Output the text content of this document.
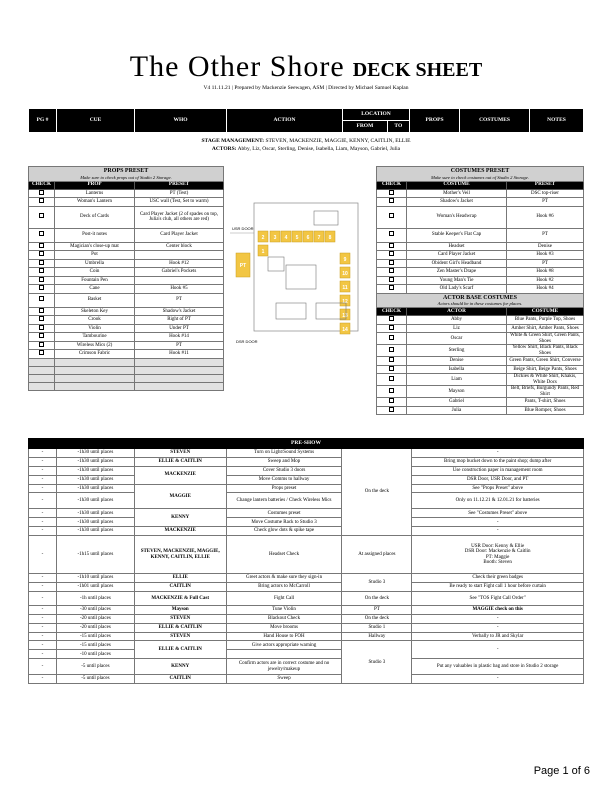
The Other Shore DECK SHEET
V4 11.11.21 | Prepared by Mackenzie Seewagen, ASM | Directed by Michael Samuel Kaplan
PG #	CUE	WHO	ACTION	LOCATION		PROPS	COSTUMES	NOTES
				FROM	TO			
STAGE MANAGEMENT: STEVEN, MACKENZIE, MAGGIE, KENNY, CAITLIN, ELLIE
ACTORS: Abby, Liz, Oscar, Sterling, Denise, Isabella, Liam, Mayson, Gabriel, Julia
PROPS PRESET
Make sure to check props out of Studio 2 Storage.		

CHECK	PROP	PRESET
	Lanterns	PT (Test)
	Woman's Lantern	USC wall (Test, Set to warm)
	Deck of Cards	Card Player Jacket (2 of spades on top, Julia's club, all others are red)
	Post-it notes	Card Player Jacket
	Magician's close-up mat	Center block
	Pot	
	Umbrella	Hook #12
	Coin	Gabriel's Pockets
	Fountain Pen	
	Cane	Hook #5
	Basket	PT
	Skeleton Key	Shadow's Jacket
	Crook	Right of PT
	Violin	Under PT
	Tambourine	Hook #14
	Wireless Mics (2)	PT
	Crimson Fabric	Hook #11

COSTUMES PRESET
Make sure to check costumes out of Studio 2 Storage.		

CHECK	COSTUME	PRESET
	Mother's Veil	DSC top-riser
	Shadow's Jacket	PT
	Woman's Headwrap	Hook #6
	Stable Keeper's Flat Cap	PT
	Headset	Denise
	Card Player Jacket	Hook #3
	Obident Girl's Headband	PT
	Zen Master's Drape	Hook #8
	Young Man's Tie	Hook #2
	Old Lady's Scarf	Hook #4

ACTOR BASE COSTUMES
Actors should be in these costumes for places.		

CHECK	ACTOR	COSTUME
	Abby	Blue Pants, Purple Top, Shoes
	Liz	Amber Shirt, Amber Pants, Shoes
	Oscar	White & Green Shirt, Green Pants, Shoes
	Sterling	Yellow Shirt, Black Pants, Black Shoes
	Denise	Green Pants, Green Shirt, Converse
	Isabella	Beige Shirt, Beige Pants, Shoes
	Liam	Dickies & White Shirt, Khakis, White Docs
	Mayson	Belt, Briefs, Burgundy Pants, Red Shirt
	Gabriel	Pants, T-shirt, Shoes
	Julia	Blue Romper, Shoes
USR DOOR
DSR DOOR
PT
1
2 3 4 5 6 7 8
9
10
11
12
13
14
PRE-SHOW					
-	-1h30 until places	STEVEN	Turn on Light/Sound Systems	On the deck	-
-	-1h30 until places	ELLIE & CAITLIN	Sweep and Mop		Bring mop bucket down to the paint shop; dump after
-	-1h30 until places	MACKENZIE	Cover Studio 3 doors		Use construction paper in management room
-	-1h30 until places		Move Comms to hallway		DSR Door, USR Door, and PT
-	-1h30 until places	MAGGIE	Props preset		See "Props Preset" above
-	-1h30 until places		Change lantern batteries / Check Wireless Mics		Only on 11.12.21 & 12.01.21 for batteries
-	-1h30 until places	KENNY	Costumes preset		See "Costumes Preset" above
-	-1h30 until places		Move Costume Rack to Studio 3		-
-	-1h30 until places	MACKENZIE	Check glow dots & spike tape		-
-	-1h15 until places	STEVEN, MACKENZIE, MAGGIE, KENNY, CAITLIN, ELLIE	Headset Check	At assigned places	USR Door: Kenny & Ellie
DSR Door: Mackenzie & Caitlin
PT: Maggie
Booth: Steven

-	-1h10 until places	ELLIE	Greet actors & make sure they sign-in	Studio 3	Check their green badges
-	-1h01 until places	CAITLIN	Bring actors to McCarroll		Be ready to start Fight call 1 hour before curtain
-	-1h until places	MACKENZIE & Full Cast	Fight Call	On the deck	See "TOS Fight Call Order"
-	-30 until places	Mayson	Tune Violin	PT	MAGGIE check on this
-	-20 until places	STEVEN	Blackout Check	On the deck	-
-	-20 until places	ELLIE & CAITLIN	Move brooms	Studio 1	-
-	-15 until places	STEVEN	Hand House to FOH	Hallway	Verbally to JR and Skylar
-	-15 until places	ELLIE & CAITLIN	Give actors appropriate warning	Studio 3	-
-	-10 until places				
-	-5 until places	KENNY	Confirm actors are in correct costume and no jewelry/makeup		Put any valuables in plastic bag and store in Studio 2 storage
-	-5 until places	CAITLIN	Sweep		-
Page 1 of 6
